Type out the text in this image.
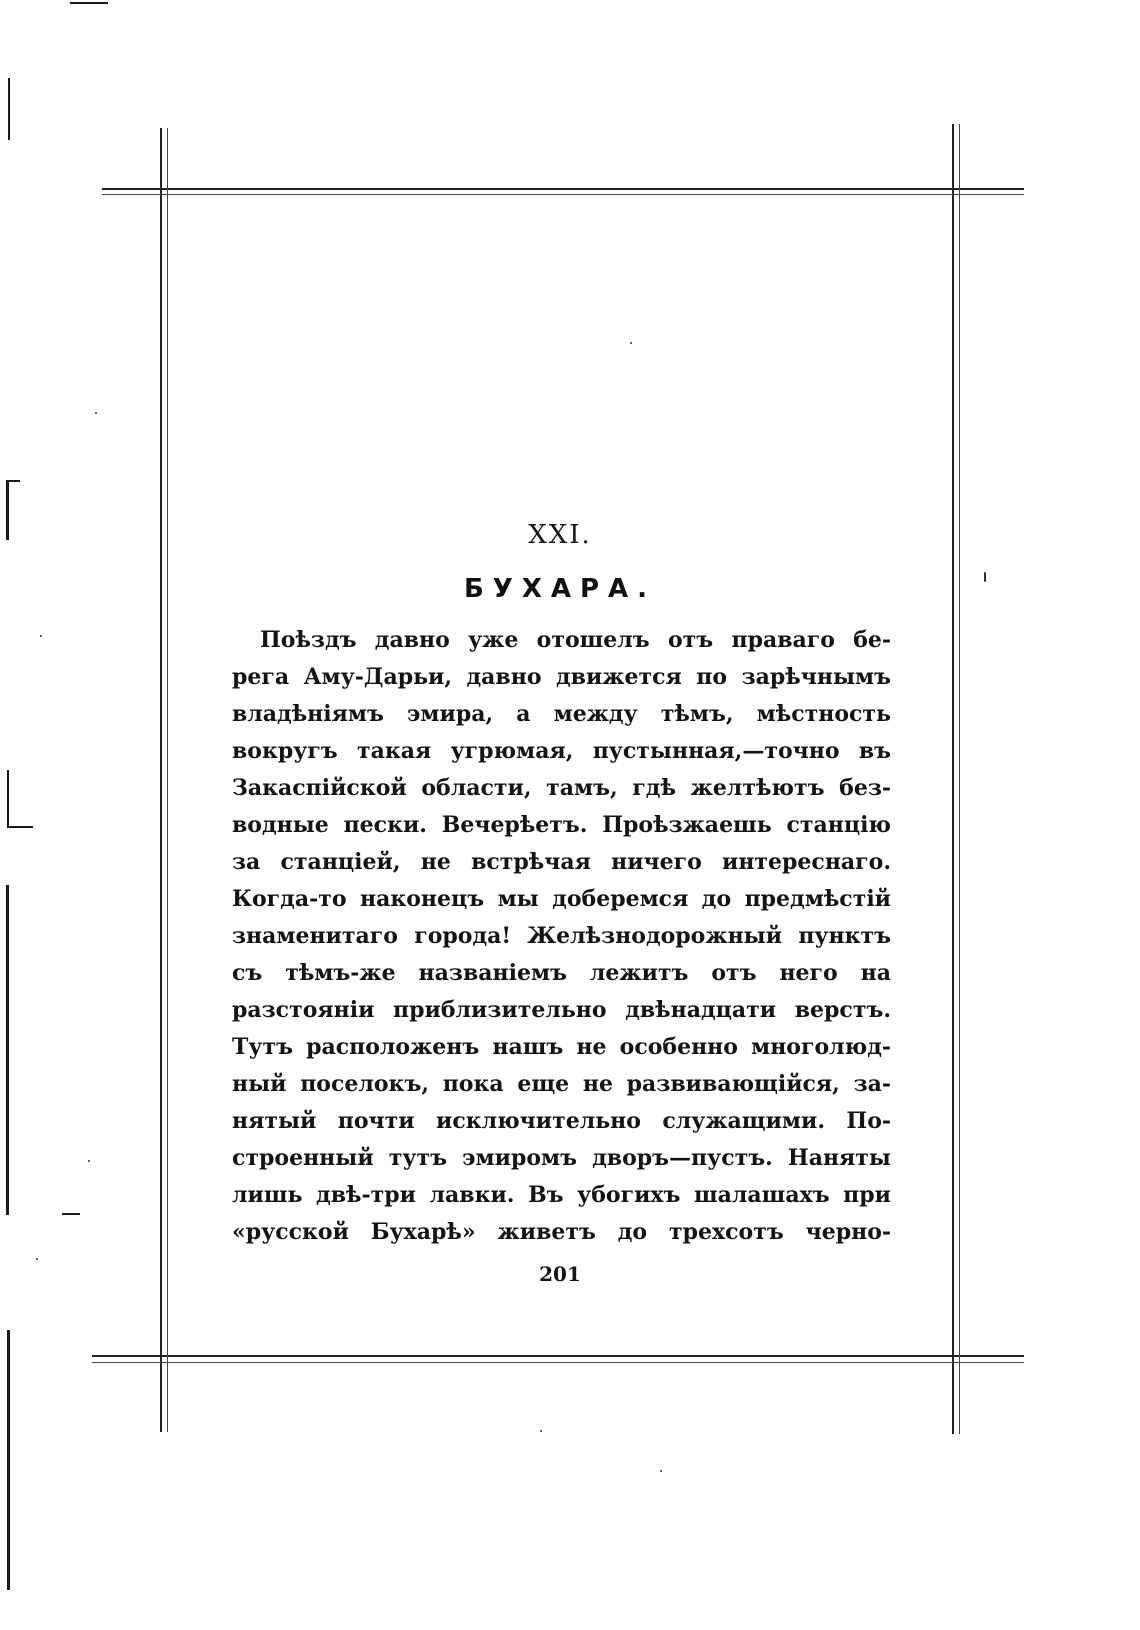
XXI.
БУХАРА.
Поѣздъ давно уже отошелъ отъ праваго бе-
рега Аму-Дарьи, давно движется по зарѣчнымъ
владѣніямъ эмира, а между тѣмъ, мѣстность
вокругъ такая угрюмая, пустынная,—точно въ
Закаспійской области, тамъ, гдѣ желтѣютъ без-
водные пески. Вечерѣетъ. Проѣзжаешь станцію
за станціей, не встрѣчая ничего интереснаго.
Когда-то наконецъ мы доберемся до предмѣстій
знаменитаго города! Желѣзнодорожный пунктъ
съ тѣмъ-же названіемъ лежитъ отъ него на
разстояніи приблизительно двѣнадцати верстъ.
Тутъ расположенъ нашъ не особенно многолюд-
ный поселокъ, пока еще не развивающійся, за-
нятый почти исключительно служащими. По-
строенный тутъ эмиромъ дворъ—пустъ. Наняты
лишь двѣ-три лавки. Въ убогихъ шалашахъ при
«русской Бухарѣ» живетъ до трехсотъ черно-
201
